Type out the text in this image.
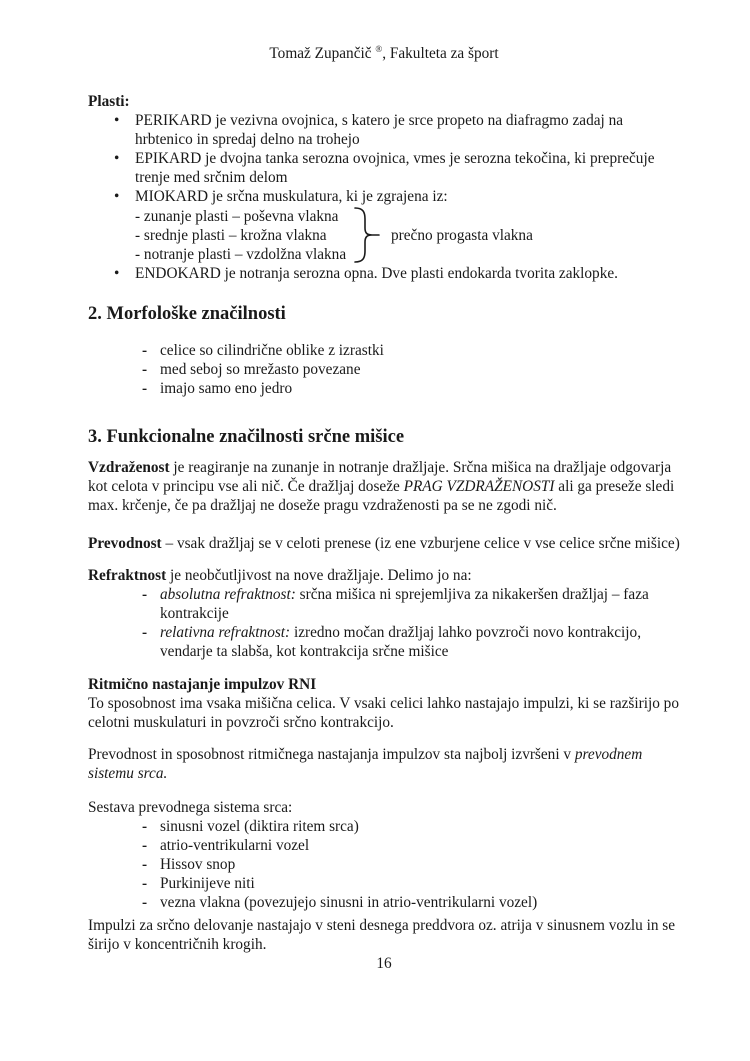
Tomaž Zupančič ®, Fakulteta za šport

Plasti:

• PERIKARD je vezivna ovojnica, s katero je srce propeto na diafragmo zadaj na hrbtenico in spredaj delno na trohejo
• EPIKARD je dvojna tanka serozna ovojnica, vmes je serozna tekočina, ki preprečuje trenje med srčnim delom
• MIOKARD je srčna muskulatura, ki je zgrajena iz:
- zunanje plasti – poševna vlakna
- srednje plasti – krožna vlakna
- notranje plasti – vzdolžna vlakna
prečno progasta vlakna
• ENDOKARD je notranja serozna opna. Dve plasti endokarda tvorita zaklopke.
2. Morfološke značilnosti
- celice so cilindrične oblike z izrastki
- med seboj so mrežasto povezane
- imajo samo eno jedro
3. Funkcionalne značilnosti srčne mišice

Vzdraženost je reagiranje na zunanje in notranje dražljaje. Srčna mišica na dražljaje odgovarja kot celota v principu vse ali nič. Če dražljaj doseže PRAG VZDRAŽENOSTI ali ga preseže sledi max. krčenje, če pa dražljaj ne doseže pragu vzdraženosti pa se ne zgodi nič.

Prevodnost – vsak dražljaj se v celoti prenese (iz ene vzburjene celice v vse celice srčne mišice)

Refraktnost je neobčutljivost na nove dražljaje. Delimo jo na:

- absolutna refraktnost: srčna mišica ni sprejemljiva za nikakeršen dražljaj – faza kontrakcije
- relativna refraktnost: izredno močan dražljaj lahko povzroči novo kontrakcijo, vendarje ta slabša, kot kontrakcija srčne mišice

Ritmično nastajanje impulzov RNI

To sposobnost ima vsaka mišična celica. V vsaki celici lahko nastajajo impulzi, ki se razširijo po celotni muskulaturi in povzroči srčno kontrakcijo.

Prevodnost in sposobnost ritmičnega nastajanja impulzov sta najbolj izvršeni v prevodnem sistemu srca.

Sestava prevodnega sistema srca:

- sinusni vozel (diktira ritem srca)
- atrio-ventrikularni vozel
- Hissov snop
- Purkinijeve niti
- vezna vlakna (povezujejo sinusni in atrio-ventrikularni vozel)

Impulzi za srčno delovanje nastajajo v steni desnega preddvora oz. atrija v sinusnem vozlu in se širijo v koncentričnih krogih.

16
